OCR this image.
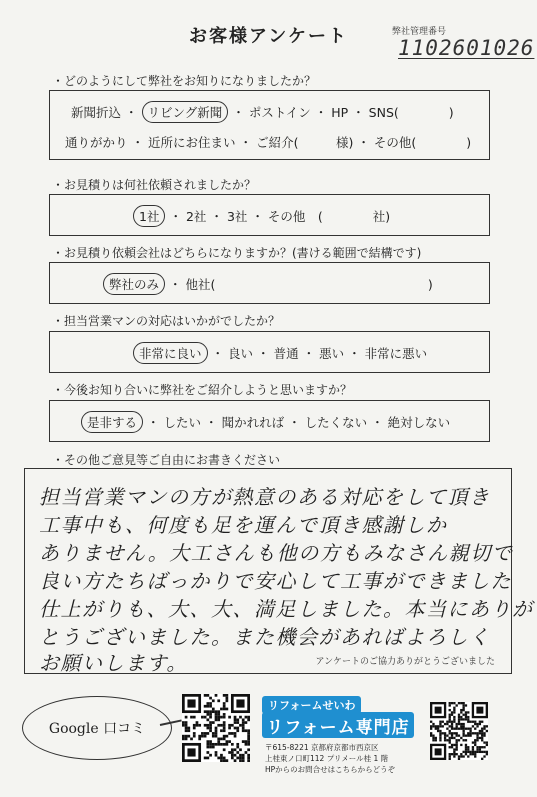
お客様アンケート	弊社管理番号
1102601026
・どのようにして弊社をお知りになりましたか？
新聞折込 ・ リビング新聞 ・ ポストイン ・ HP ・ SNS(　　　　)
通りがかり ・ 近所にお住まい ・ ご紹介(　　　様) ・ その他(　　　　)
・お見積りは何社依頼されましたか？
1社 ・ 2社 ・ 3社 ・ その他　(　　　　社)
・お見積り依頼会社はどちらになりますか？(書ける範囲で結構です)
弊社のみ ・ 他社(　　　　　　　　　　　　　　　　　)
・担当営業マンの対応はいかがでしたか？
非常に良い ・ 良い ・ 普通 ・ 悪い ・ 非常に悪い
・今後お知り合いに弊社をご紹介しようと思いますか？
是非する ・ したい ・ 聞かれれば ・ したくない ・ 絶対しない
・その他ご意見等ご自由にお書きください
担当営業マンの方が熱意のある対応をして頂き
工事中も、何度も足を運んで頂き感謝しか
ありません。大工さんも他の方もみなさん親切で
良い方たちばっかりで安心して工事ができました
仕上がりも、大、大、満足しました。本当にありが
とうございました。また機会があればよろしく
お願いします。	アンケートのご協力ありがとうございました
Google 口コミ
リフォームせいわ
リフォーム専門店
〒615-8221 京都府京都市西京区
上桂東ノ口町112 プリメール桂 1 階
HPからのお問合せはこちらからどうぞ
